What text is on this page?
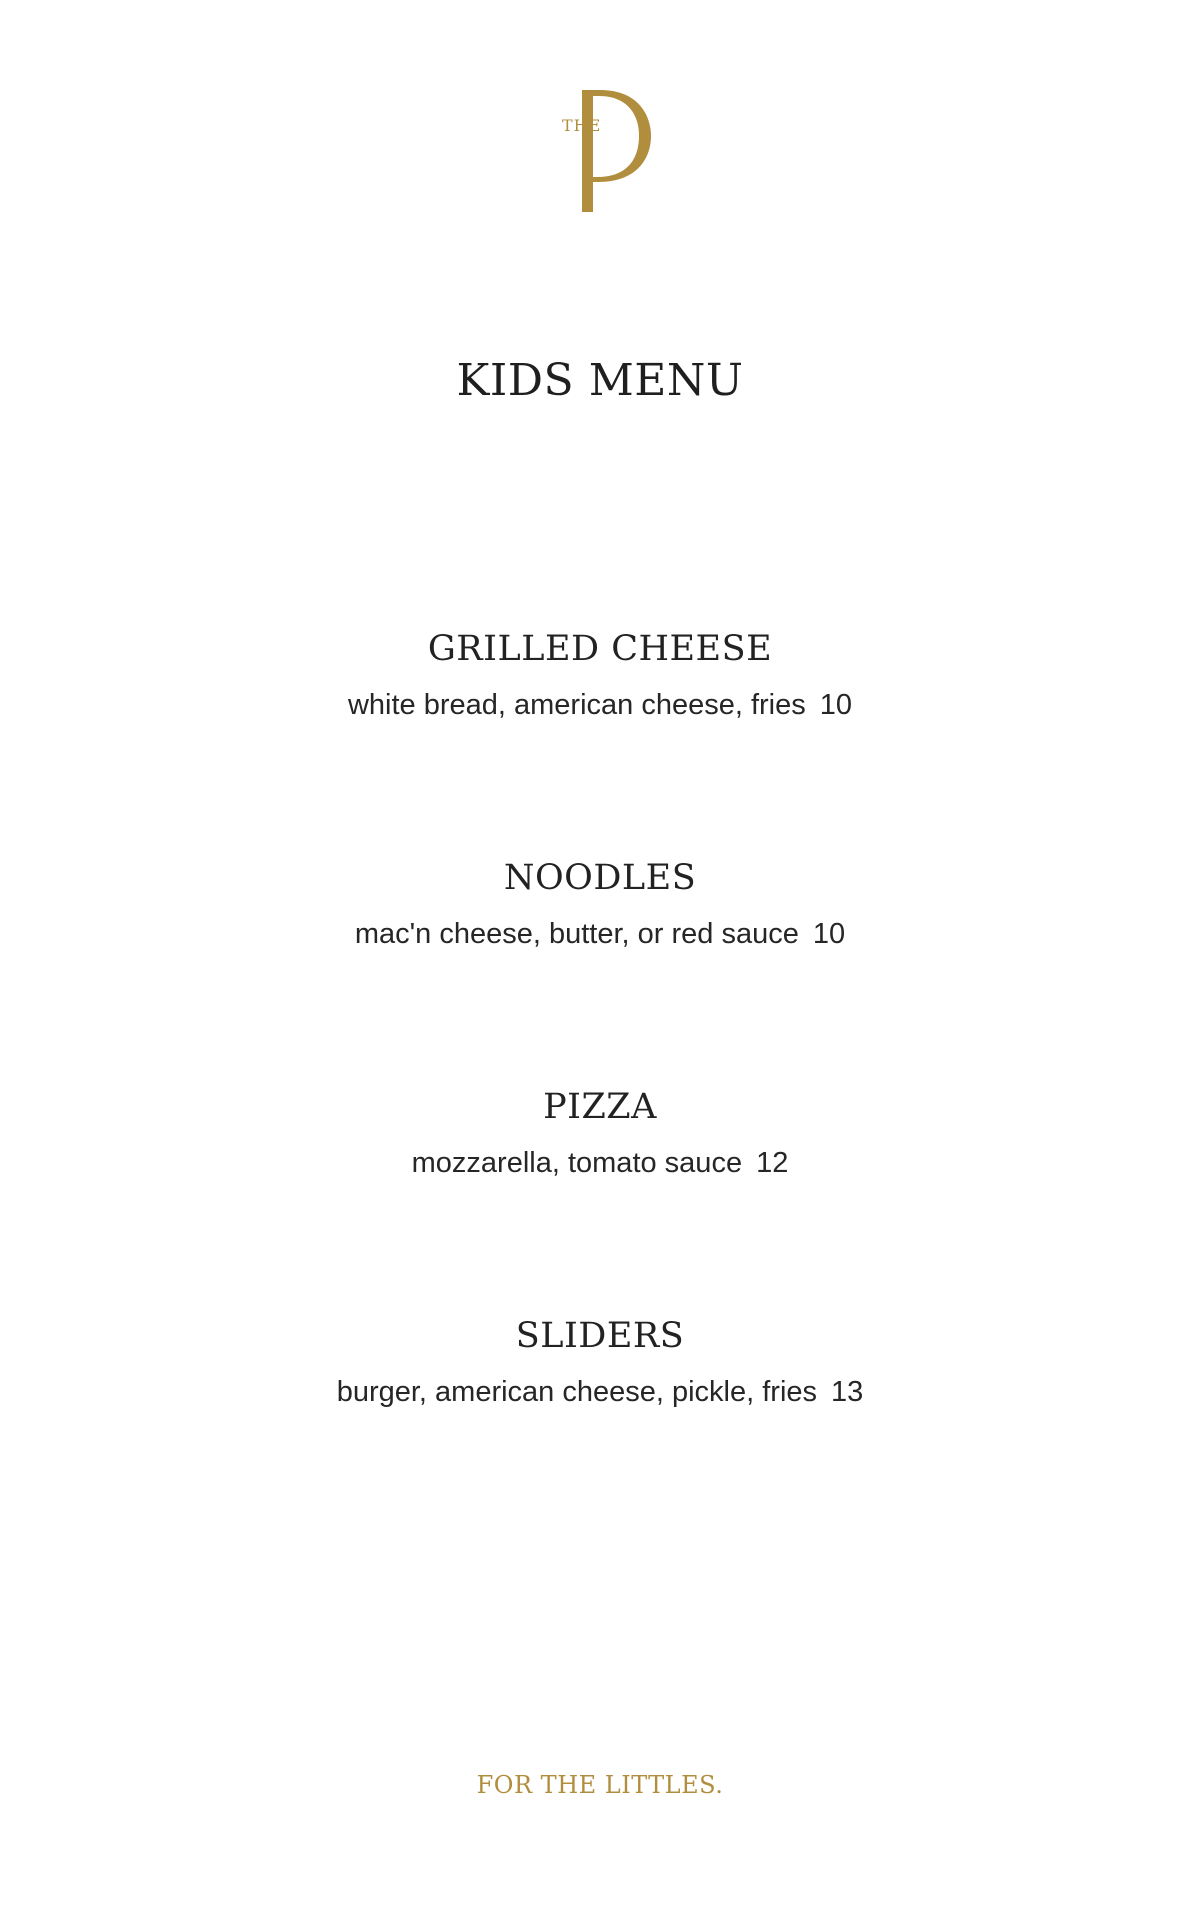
THE
KIDS MENU
GRILLED CHEESE
white bread, american cheese, fries 10
NOODLES
mac'n cheese, butter, or red sauce 10
PIZZA
mozzarella, tomato sauce 12
SLIDERS
burger, american cheese, pickle, fries 13
FOR THE LITTLES.
